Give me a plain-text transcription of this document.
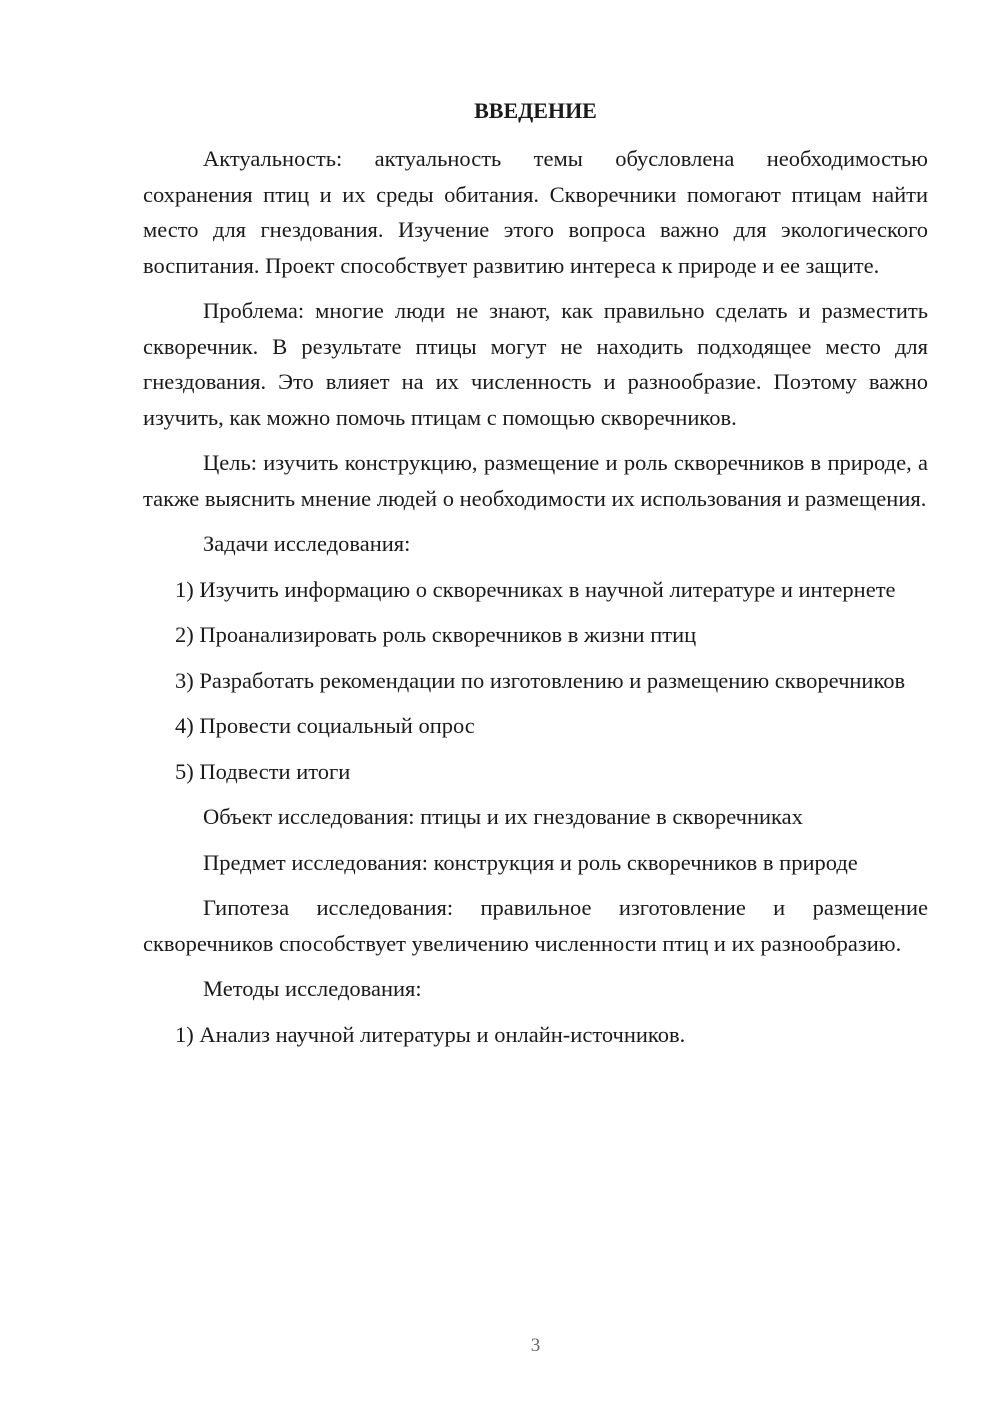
ВВЕДЕНИЕ

Актуальность: актуальность темы обусловлена необходимостью сохранения птиц и их среды обитания. Скворечники помогают птицам найти место для гнездования. Изучение этого вопроса важно для экологического воспитания. Проект способствует развитию интереса к природе и ее защите.

Проблема: многие люди не знают, как правильно сделать и разместить скворечник. В результате птицы могут не находить подходящее место для гнездования. Это влияет на их численность и разнообразие. Поэтому важно изучить, как можно помочь птицам с помощью скворечников.

Цель: изучить конструкцию, размещение и роль скворечников в природе, а также выяснить мнение людей о необходимости их использования и размещения.

Задачи исследования:

1) Изучить информацию о скворечниках в научной литературе и интернете

2) Проанализировать роль скворечников в жизни птиц

3) Разработать рекомендации по изготовлению и размещению скворечников

4) Провести социальный опрос

5) Подвести итоги

Объект исследования: птицы и их гнездование в скворечниках

Предмет исследования: конструкция и роль скворечников в природе

Гипотеза исследования: правильное изготовление и размещение скворечников способствует увеличению численности птиц и их разнообразию.

Методы исследования:

1) Анализ научной литературы и онлайн-источников.

3
